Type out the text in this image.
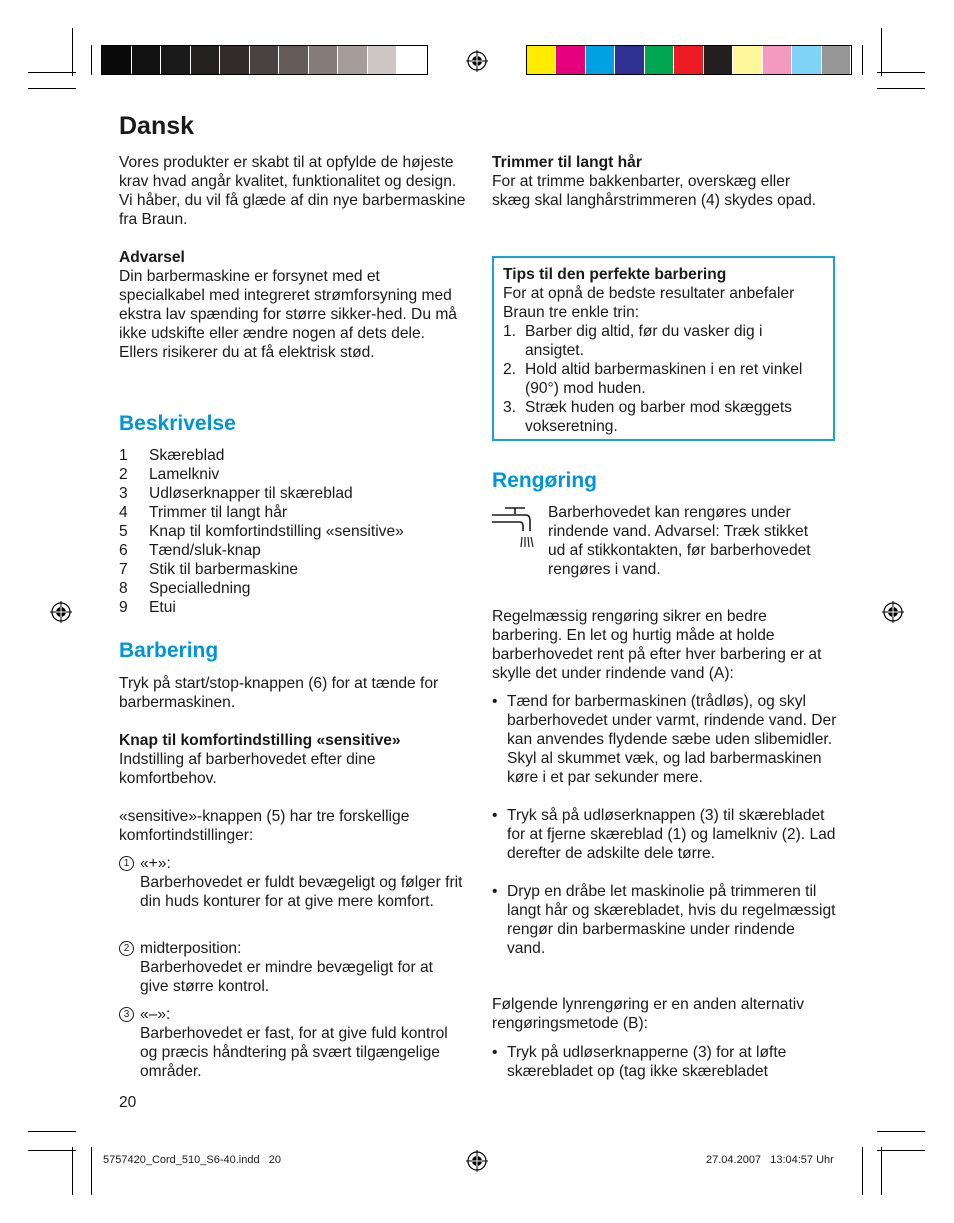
Dansk
Vores produkter er skabt til at opfylde de højeste krav hvad angår kvalitet, funktionalitet og design. Vi håber, du vil få glæde af din nye barbermaskine fra Braun.
Advarsel
Din barbermaskine er forsynet med et specialkabel med integreret strømforsyning med ekstra lav spænding for større sikker-hed. Du må ikke udskifte eller ændre nogen af dets dele. Ellers risikerer du at få elektrisk stød.
Beskrivelse
1	Skæreblad
2	Lamelkniv
3	Udløserknapper til skæreblad
4	Trimmer til langt hår
5	Knap til komfortindstilling «sensitive»
6	Tænd/sluk-knap
7	Stik til barbermaskine
8	Specialledning
9	Etui
Barbering
Tryk på start/stop-knappen (6) for at tænde for barbermaskinen.
Knap til komfortindstilling «sensitive»
Indstilling af barberhovedet efter dine komfortbehov.
«sensitive»-knappen (5) har tre forskellige komfortindstillinger:
1 «+»:
Barberhovedet er fuldt bevægeligt og følger frit din huds konturer for at give mere komfort.
2 midterposition:
Barberhovedet er mindre bevægeligt for at give større kontrol.
3 «–»:
Barberhovedet er fast, for at give fuld kontrol og præcis håndtering på svært tilgængelige områder.
20
Trimmer til langt hår
For at trimme bakkenbarter, overskæg eller skæg skal langhårstrimmeren (4) skydes opad.
Tips til den perfekte barbering
For at opnå de bedste resultater anbefaler Braun tre enkle trin:
1. Barber dig altid, før du vasker dig i ansigtet.
2. Hold altid barbermaskinen i en ret vinkel (90°) mod huden.
3. Stræk huden og barber mod skæggets vokseretning.
Rengøring
Barberhovedet kan rengøres under rindende vand. Advarsel: Træk stikket ud af stikkontakten, før barberhovedet rengøres i vand.
Regelmæssig rengøring sikrer en bedre barbering. En let og hurtig måde at holde barberhovedet rent på efter hver barbering er at skylle det under rindende vand (A):
• Tænd for barbermaskinen (trådløs), og skyl barberhovedet under varmt, rindende vand. Der kan anvendes flydende sæbe uden slibemidler. Skyl al skummet væk, og lad barbermaskinen køre i et par sekunder mere.
• Tryk så på udløserknappen (3) til skærebladet for at fjerne skæreblad (1) og lamelkniv (2). Lad derefter de adskilte dele tørre.
• Dryp en dråbe let maskinolie på trimmeren til langt hår og skærebladet, hvis du regelmæssigt rengør din barbermaskine under rindende vand.
Følgende lynrengøring er en anden alternativ rengøringsmetode (B):
• Tryk på udløserknapperne (3) for at løfte skærebladet op (tag ikke skærebladet
5757420_Cord_510_S6-40.indd   20	27.04.2007   13:04:57 Uhr
